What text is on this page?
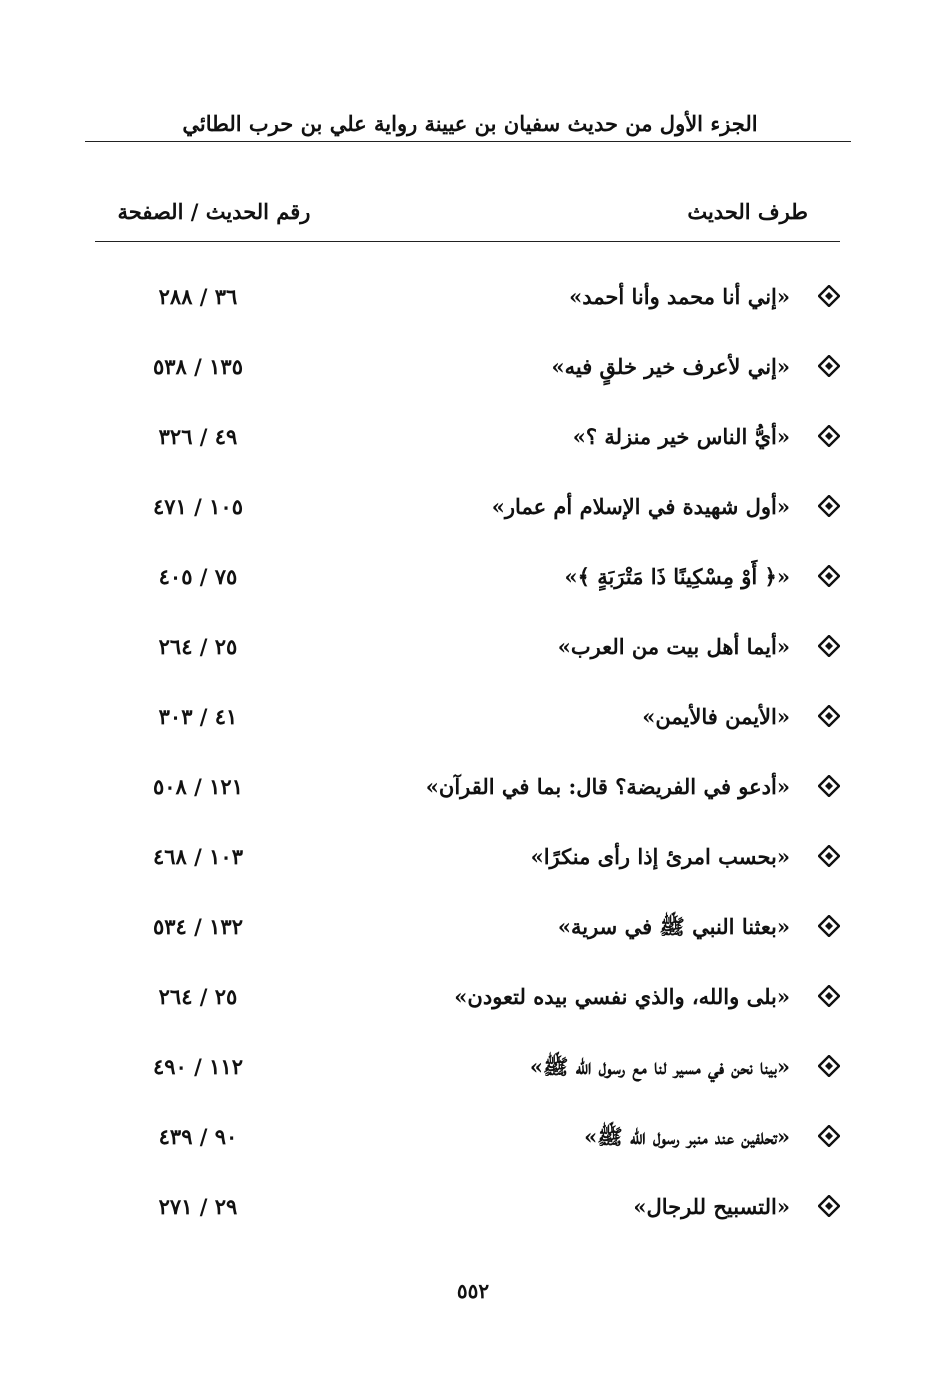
الجزء الأول من حديث سفيان بن عيينة رواية علي بن حرب الطائي
طرف الحديث
رقم الحديث / الصفحة
«إني أنا محمد وأنا أحمد»
٣٦ / ٢٨٨
«إني لأعرف خير خلقٍ فيه»
١٣٥ / ٥٣٨
«أيُّ الناس خير منزلة ؟»
٤٩ / ٣٢٦
«أول شهيدة في الإسلام أم عمار»
١٠٥ / ٤٧١
«﴿ أَوْ مِسْكِينًا ذَا مَتْرَبَةٍ ﴾»
٧٥ / ٤٠٥
«أيما أهل بيت من العرب»
٢٥ / ٢٦٤
«الأيمن فالأيمن»
٤١ / ٣٠٣
«أدعو في الفريضة؟ قال: بما في القرآن»
١٢١ / ٥٠٨
«بحسب امرئ إذا رأى منكرًا»
١٠٣ / ٤٦٨
«بعثنا النبي ﷺ في سرية»
١٣٢ / ٥٣٤
«بلى والله، والذي نفسي بيده لتعودن»
٢٥ / ٢٦٤
«بينا نحن في مسير لنا مع رسول الله ﷺ»
١١٢ / ٤٩٠
«تحلفين عند منبر رسول الله ﷺ»
٩٠ / ٤٣٩
«التسبيح للرجال»
٢٩ / ٢٧١
٥٥٢
